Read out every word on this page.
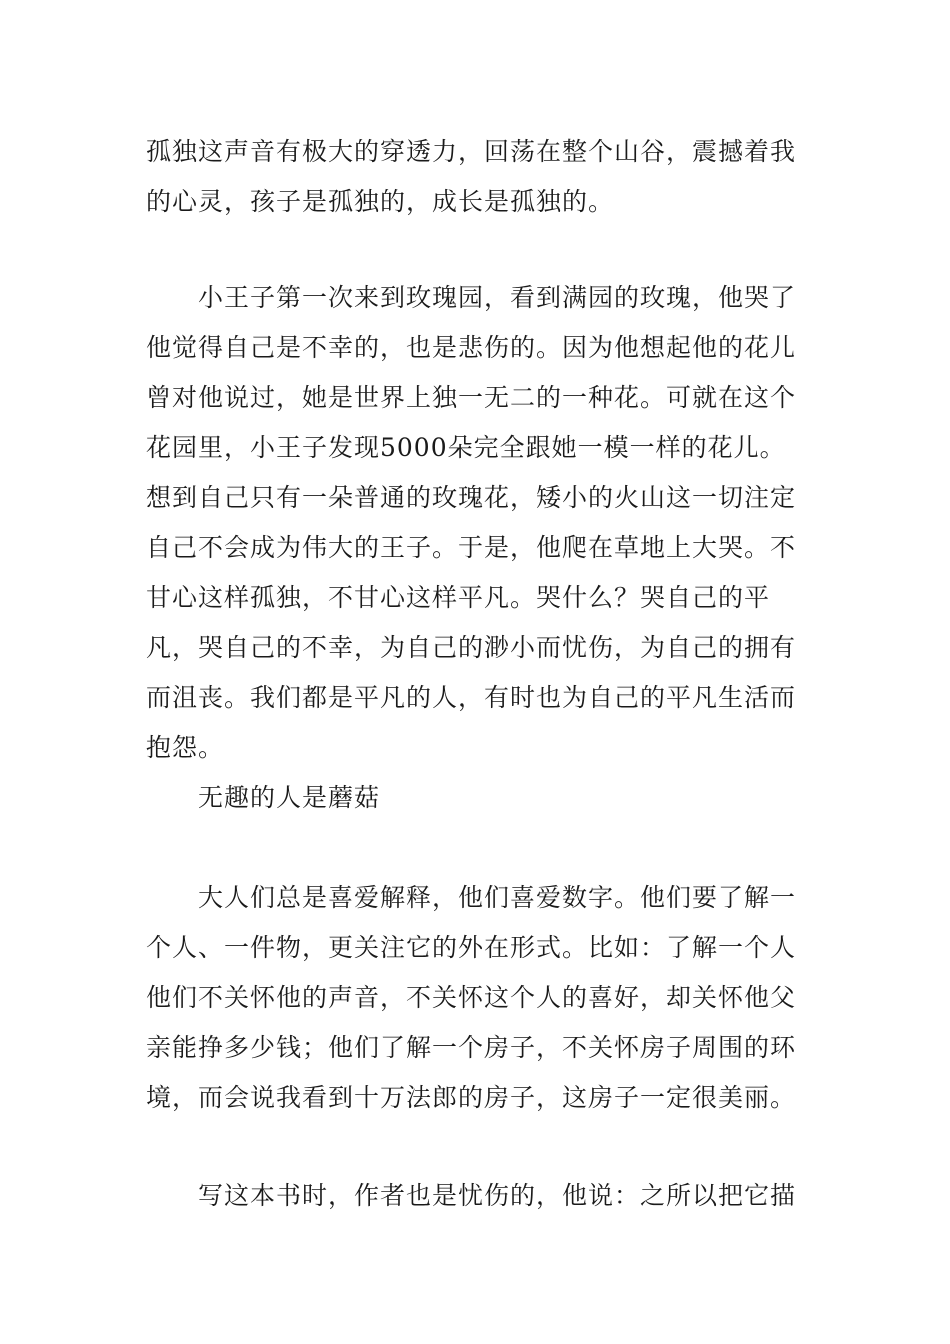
孤独这声音有极大的穿透力，回荡在整个山谷，震撼着我的心灵，孩子是孤独的，成长是孤独的。

小王子第一次来到玫瑰园，看到满园的玫瑰，他哭了他觉得自己是不幸的，也是悲伤的。因为他想起他的花儿曾对他说过，她是世界上独一无二的一种花。可就在这个花园里，小王子发现5000朵完全跟她一模一样的花儿。想到自己只有一朵普通的玫瑰花，矮小的火山这一切注定自己不会成为伟大的王子。于是，他爬在草地上大哭。不甘心这样孤独，不甘心这样平凡。哭什么？哭自己的平凡，哭自己的不幸，为自己的渺小而忧伤，为自己的拥有而沮丧。我们都是平凡的人，有时也为自己的平凡生活而抱怨。

无趣的人是蘑菇

大人们总是喜爱解释，他们喜爱数字。他们要了解一个人、一件物，更关注它的外在形式。比如：了解一个人他们不关怀他的声音，不关怀这个人的喜好，却关怀他父亲能挣多少钱；他们了解一个房子，不关怀房子周围的环境，而会说我看到十万法郎的房子，这房子一定很美丽。

写这本书时，作者也是忧伤的，他说：之所以把它描
